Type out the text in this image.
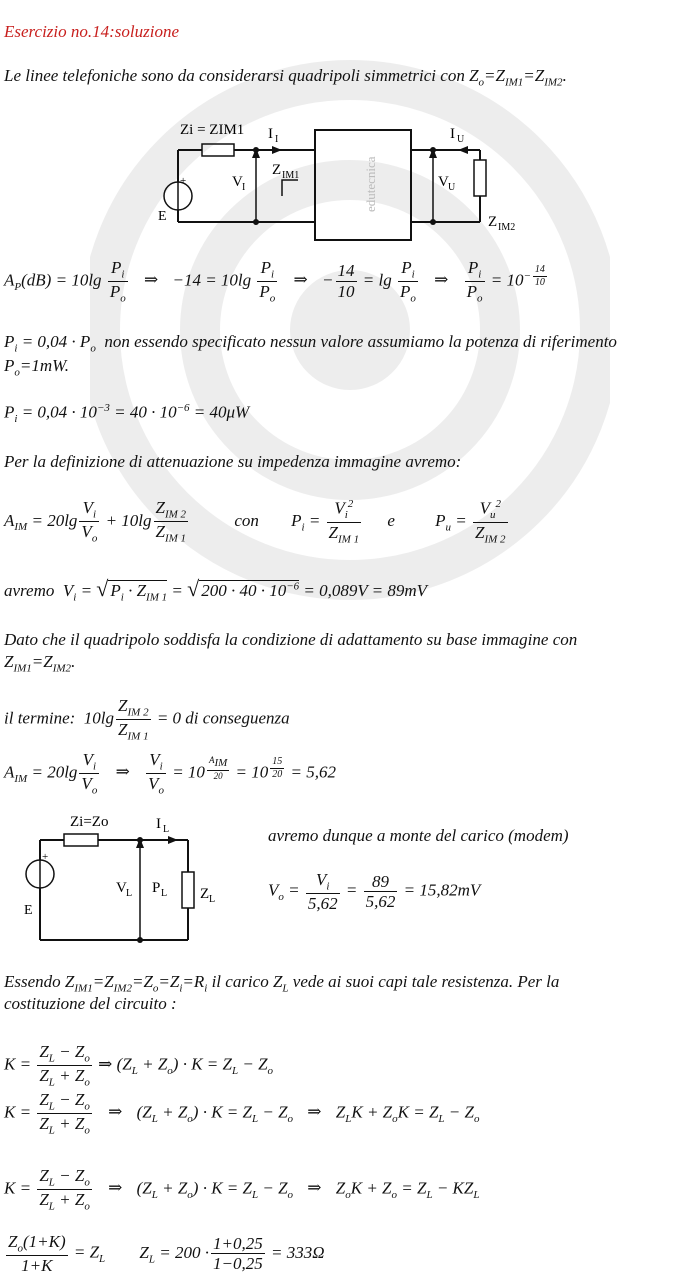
Esercizio no.14:soluzione
Le linee telefoniche sono da considerarsi quadripoli simmetrici con $Z_o=Z_{IM1}=Z_{IM2}$.
Zi = ZIM1 I I	I U
V I	V U
Z IM1
Z IM2
E
+	edutecnica
$A_P(dB) = 10\lg \frac{P_i}{P_o}$ ⇒ $-14 = 10\lg \frac{P_i}{P_o}$ ⇒ − $\frac{14}{10} = \lg \frac{P_i}{P_o}$ ⇒ $\frac{P_i}{P_o} = 10^{- \frac{14}{10}}$
$P_i = 0,04 \cdot P_o$ non essendo specificato nessun valore assumiamo la potenza di riferimento
$P_o=1mW$.
$P_i = 0,04 \cdot 10^{-3} = 40 \cdot 10^{-6} = 40\mu W$
Per la definizione di attenuazione su impedenza immagine avremo:
$A_{IM} = 20\lg \frac{V_i}{V_o} + 10\lg \frac{Z_{IM 2}}{Z_{IM 1}}$	con $P_i = \frac{V_i^2}{Z_{IM 1}}$ e $P_u = \frac{V_u^2}{Z_{IM 2}}$
avremo  $V_i$ = √ $P_i \cdot Z_{IM 1}$ = √ $200 \cdot 40 \cdot 10^{-6} = 0,089V = 89mV$
Dato che il quadripolo soddisfa la condizione di adattamento su base immagine con
$Z_{IM1}=Z_{IM2}$.
il termine:  $10\lg \frac{Z_{IM 2}}{Z_{IM 1}} = 0$ di conseguenza
$A_{IM} = 20\lg \frac{V_i}{V_o}$ ⇒ $\frac{V_i}{V_o} = 10$ $^{\frac{A_{IM}}{20}}$ = 10 $^{\frac{15}{20}}$ = 5,62
Zi=Zo	I L
V L P L Z L
E
+
avremo dunque a monte del carico (modem)
$V_o = \frac{V_i}{5,62} = \frac{89}{5,62} = 15,82mV$
Essendo $Z_{IM1}=Z_{IM2}=Z_o=Z_i=R_i$ il carico $Z_L$ vede ai suoi capi tale resistenza. Per la
costituzione del circuito :
$K = \frac{Z_L - Z_o}{Z_L + Z_o}$ ⇒ $(Z_L + Z_o) \cdot K = Z_L - Z_o$
$K = \frac{Z_L - Z_o}{Z_L + Z_o}$ ⇒ $(Z_L + Z_o) \cdot K = Z_L - Z_o$ ⇒ $Z_LK + Z_oK = Z_L - Z_o$
$K = \frac{Z_L - Z_o}{Z_L + Z_o}$ ⇒ $(Z_L + Z_o) \cdot K = Z_L - Z_o$ ⇒ $Z_oK + Z_o = Z_L - KZ_L$
$\frac{Z_o(1+K)}{1+K} = Z_L$ $Z_L = 200 \cdot \frac{1+0,25}{1-0,25} = 333\Omega$
